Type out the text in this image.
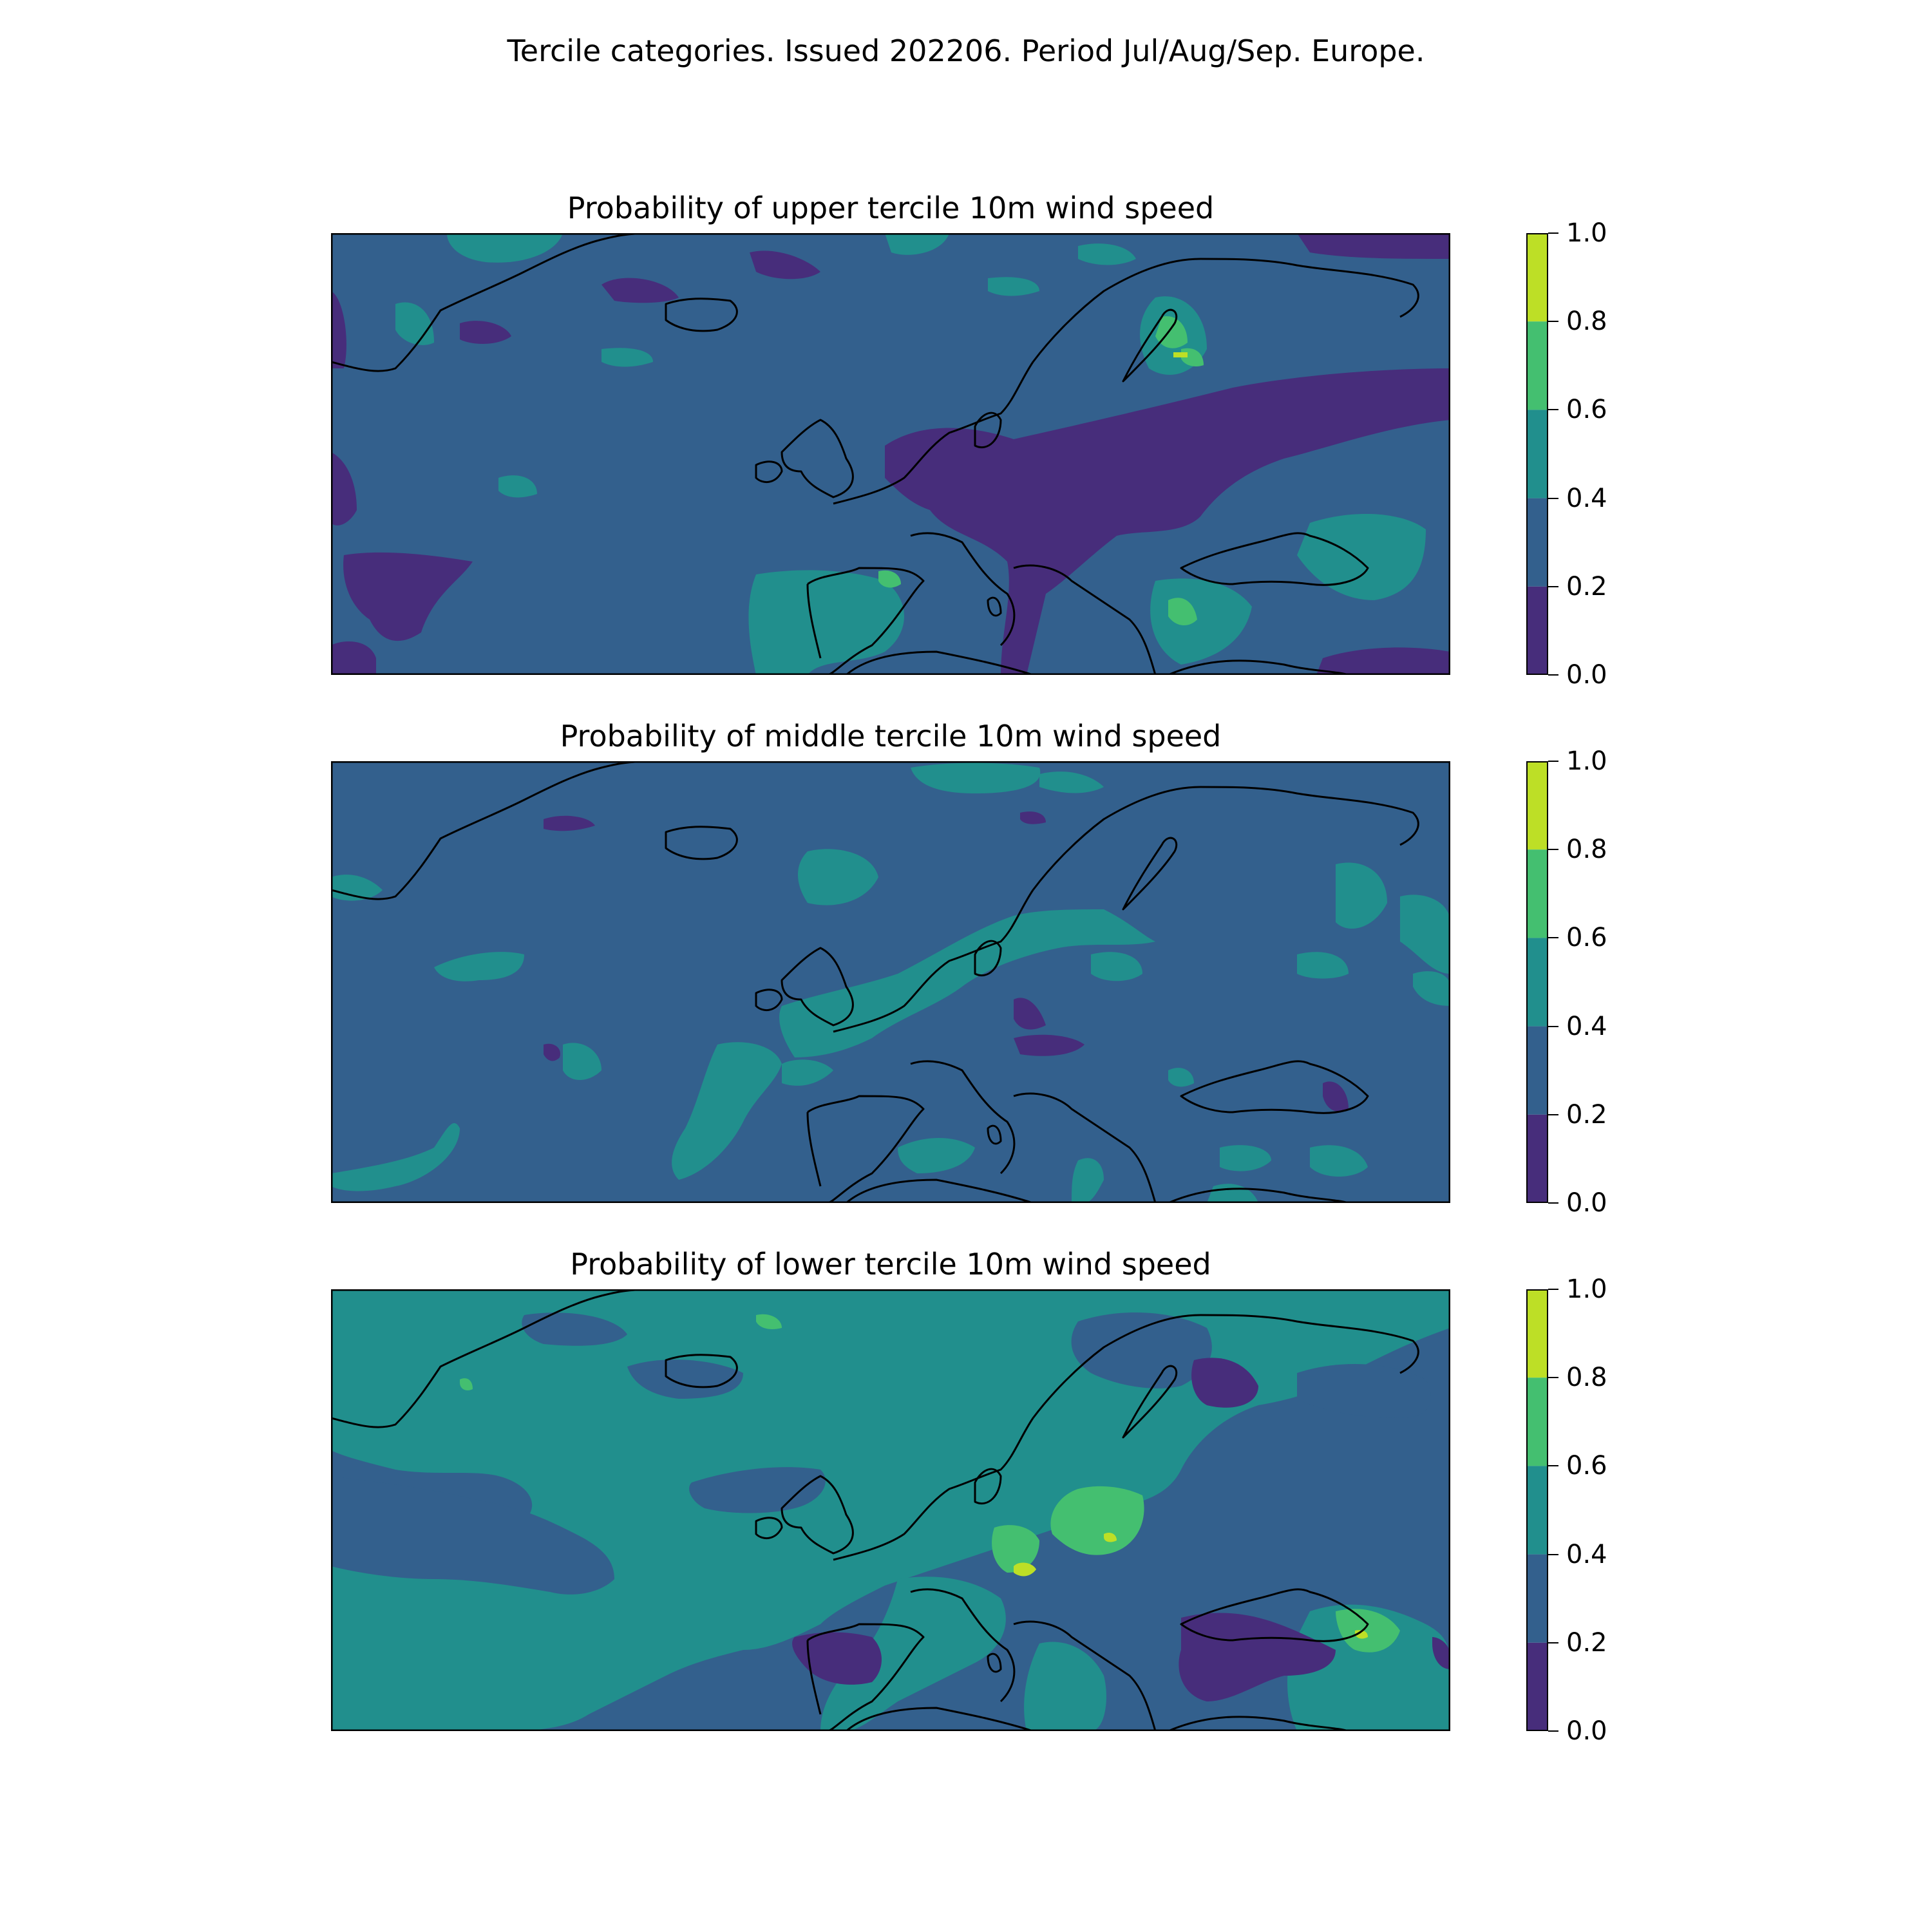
Tercile categories. Issued 202206. Period Jul/Aug/Sep. Europe.
Probability of upper tercile 10m wind speed
1.0
0.8
0.6
0.4
0.2
0.0
Probability of middle tercile 10m wind speed
1.0
0.8
0.6
0.4
0.2
0.0
Probability of lower tercile 10m wind speed
1.0
0.8
0.6
0.4
0.2
0.0
